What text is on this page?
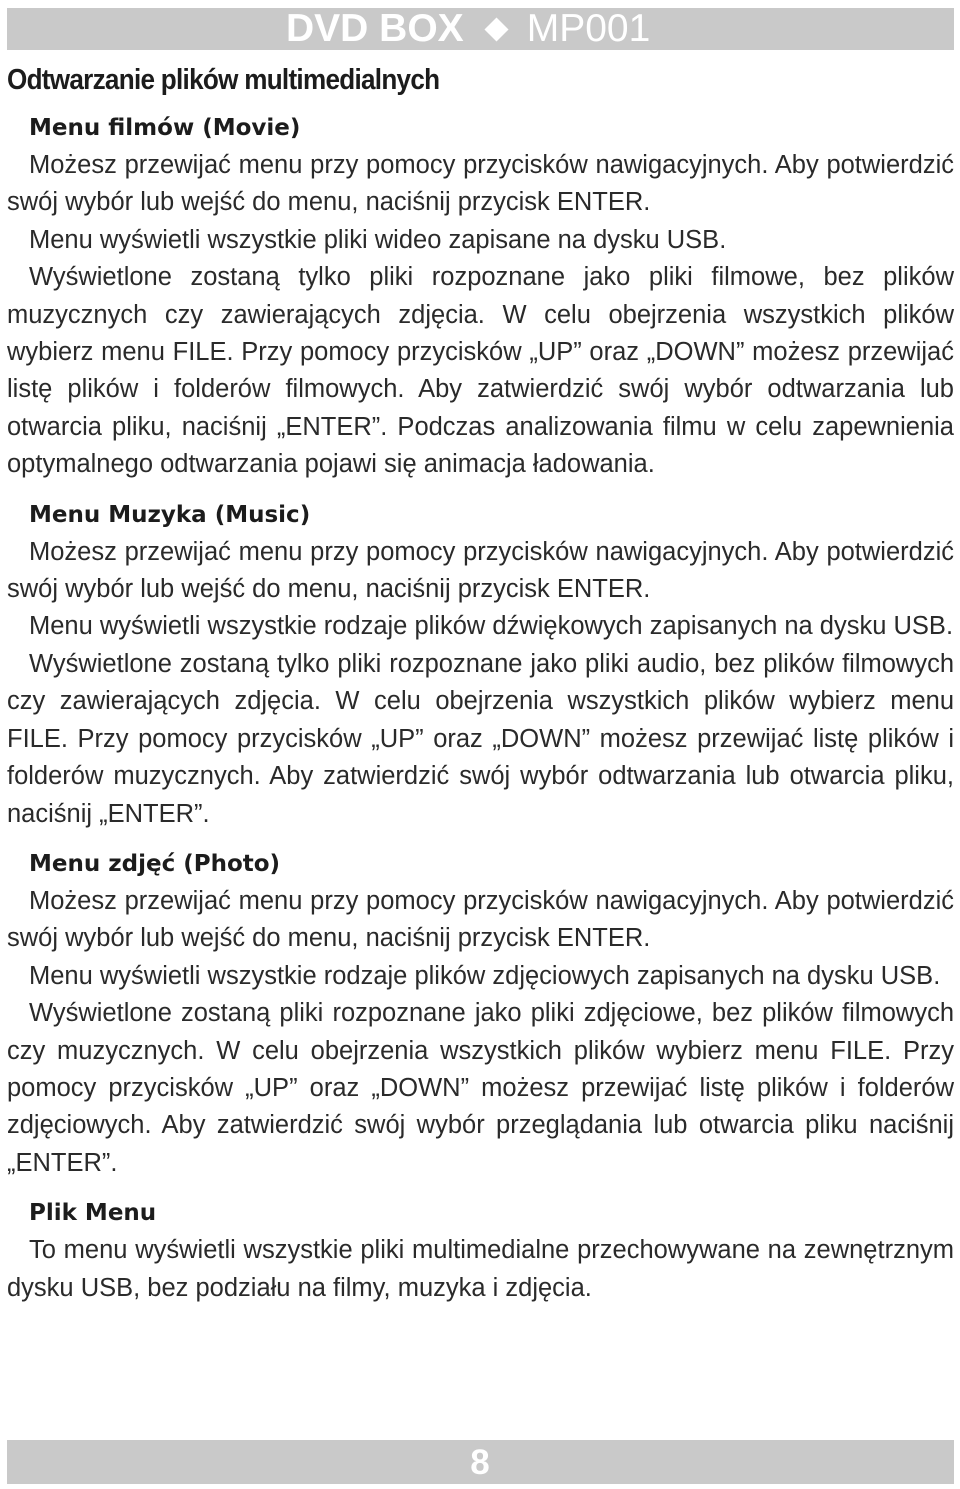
DVD BOX MP001
Odtwarzanie plików multimedialnych
Menu filmów (Movie)

Możesz przewijać menu przy pomocy przycisków nawigacyjnych. Aby potwierdzić swój wybór lub wejść do menu, naciśnij przycisk ENTER.

Menu wyświetli wszystkie pliki wideo zapisane na dysku USB.

Wyświetlone zostaną tylko pliki rozpoznane jako pliki filmowe, bez plików muzycznych czy zawierających zdjęcia. W celu obejrzenia wszystkich plików wybierz menu FILE. Przy pomocy przycisków „UP” oraz „DOWN” możesz przewijać listę plików i folderów filmowych. Aby zatwierdzić swój wybór odtwarzania lub otwarcia pliku, naciśnij „ENTER”. Podczas analizowania filmu w celu zapewnienia optymalnego odtwarzania pojawi się animacja ładowania.

Menu Muzyka (Music)

Możesz przewijać menu przy pomocy przycisków nawigacyjnych. Aby potwierdzić swój wybór lub wejść do menu, naciśnij przycisk ENTER.

Menu wyświetli wszystkie rodzaje plików dźwiękowych zapisanych na dysku USB.

Wyświetlone zostaną tylko pliki rozpoznane jako pliki audio, bez plików filmowych czy zawierających zdjęcia. W celu obejrzenia wszystkich plików wybierz menu FILE. Przy pomocy przycisków „UP” oraz „DOWN” możesz przewijać listę plików i folderów muzycznych. Aby zatwierdzić swój wybór odtwarzania lub otwarcia pliku, naciśnij „ENTER”.

Menu zdjęć (Photo)

Możesz przewijać menu przy pomocy przycisków nawigacyjnych. Aby potwierdzić swój wybór lub wejść do menu, naciśnij przycisk ENTER.

Menu wyświetli wszystkie rodzaje plików zdjęciowych zapisanych na dysku USB.

Wyświetlone zostaną pliki rozpoznane jako pliki zdjęciowe, bez plików filmowych czy muzycznych. W celu obejrzenia wszystkich plików wybierz menu FILE. Przy pomocy przycisków „UP” oraz „DOWN” możesz przewijać listę plików i folderów zdjęciowych. Aby zatwierdzić swój wybór przeglądania lub otwarcia pliku naciśnij „ENTER”.

Plik Menu

To menu wyświetli wszystkie pliki multimedialne przechowywane na zewnętrznym dysku USB, bez podziału na filmy, muzyka i zdjęcia.

8
